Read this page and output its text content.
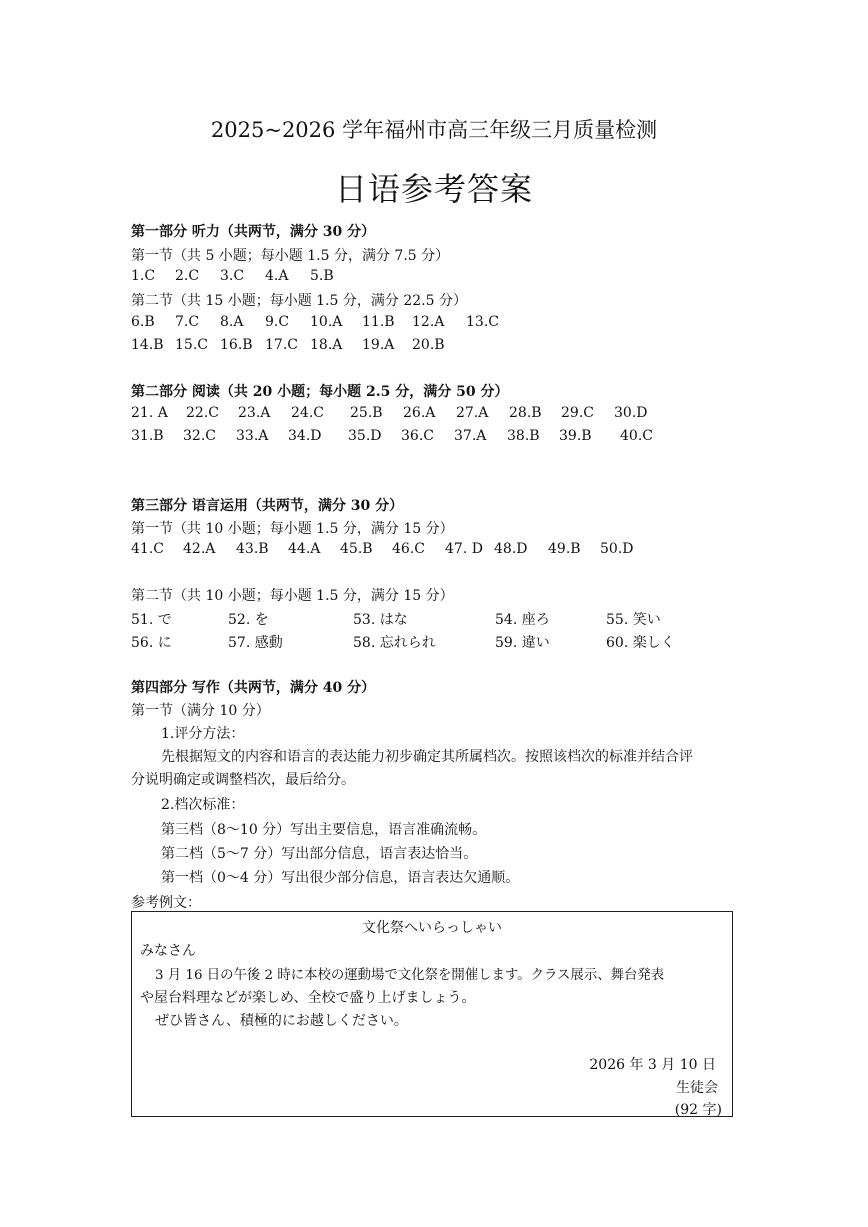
2025~2026 学年福州市高三年级三月质量检测
日语参考答案
第一部分 听力（共两节，满分 30 分）
第一节（共 5 小题；每小题 1.5 分，满分 7.5 分）
1.C 2.C 3.C 4.A 5.B
第二节（共 15 小题；每小题 1.5 分，满分 22.5 分）
6.B 7.C 8.A 9.C 10.A 11.B 12.A 13.C
14.B 15.C 16.B 17.C 18.A 19.A 20.B
第二部分 阅读（共 20 小题；每小题 2.5 分，满分 50 分）
21. A 22.C 23.A 24.C 25.B 26.A 27.A 28.B 29.C 30.D
31.B 32.C 33.A 34.D 35.D 36.C 37.A 38.B 39.B 40.C
第三部分 语言运用（共两节，满分 30 分）
第一节（共 10 小题；每小题 1.5 分，满分 15 分）
41.C 42.A 43.B 44.A 45.B 46.C 47. D 48.D 49.B 50.D
第二节（共 10 小题；每小题 1.5 分，满分 15 分）
51. で	52. を	53. はな	54. 座ろ	55. 笑い
56. に	57. 感動	58. 忘れられ	59. 違い	60. 楽しく
第四部分 写作（共两节，满分 40 分）
第一节（满分 10 分）
1.评分方法：
先根据短文的内容和语言的表达能力初步确定其所属档次。按照该档次的标准并结合评
分说明确定或调整档次，最后给分。
2.档次标准：
第三档（8～10 分）写出主要信息，语言准确流畅。
第二档（5～7 分）写出部分信息，语言表达恰当。
第一档（0～4 分）写出很少部分信息，语言表达欠通顺。
参考例文：
文化祭へいらっしゃい
みなさん
3 月 16 日の午後 2 時に本校の運動場で文化祭を開催します。クラス展示、舞台発表
や屋台料理などが楽しめ、全校で盛り上げましょう。
ぜひ皆さん、積極的にお越しください。
2026 年 3 月 10 日
生徒会
(92 字)
